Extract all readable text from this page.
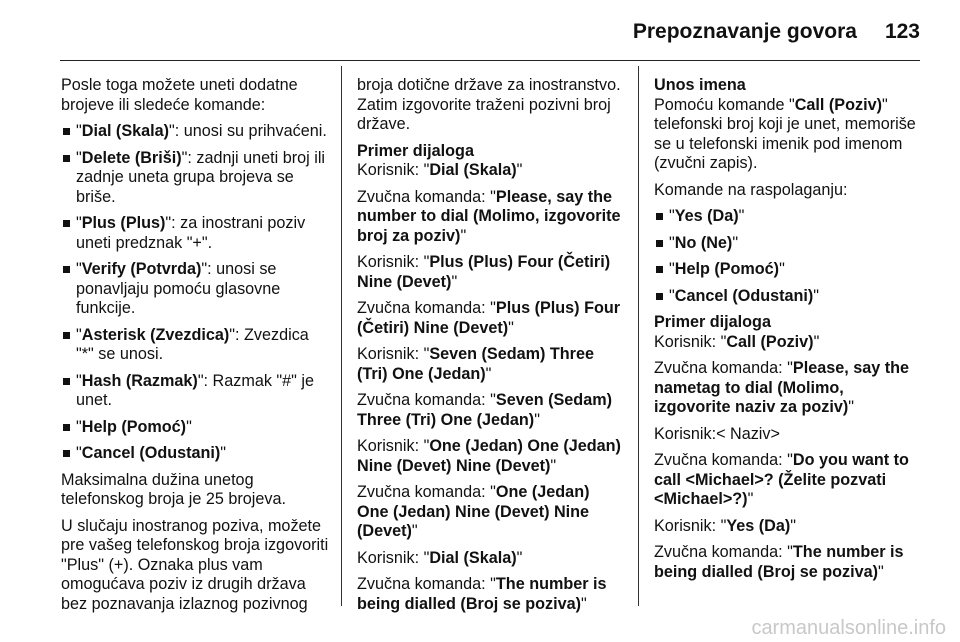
Prepoznavanje govora 123

Posle toga možete uneti dodatne brojeve ili sledeće komande:

"Dial (Skala)": unosi su prihvaćeni.
"Delete (Briši)": zadnji uneti broj ili zadnje uneta grupa brojeva se briše.
"Plus (Plus)": za inostrani poziv uneti predznak "+".
"Verify (Potvrda)": unosi se ponavljaju pomoću glasovne funkcije.
"Asterisk (Zvezdica)": Zvezdica "*" se unosi.
"Hash (Razmak)": Razmak "#" je unet.
"Help (Pomoć)"
"Cancel (Odustani)"

Maksimalna dužina unetog telefonskog broja je 25 brojeva.

U slučaju inostranog poziva, možete pre vašeg telefonskog broja izgovoriti "Plus" (+). Oznaka plus vam omogućava poziv iz drugih država bez poznavanja izlaznog pozivnog

broja dotične države za inostranstvo. Zatim izgovorite traženi pozivni broj države.

Primer dijaloga

Korisnik: "Dial (Skala)"

Zvučna komanda: "Please, say the number to dial (Molimo, izgovorite broj za poziv)"

Korisnik: "Plus (Plus) Four (Četiri) Nine (Devet)"

Zvučna komanda: "Plus (Plus) Four (Četiri) Nine (Devet)"

Korisnik: "Seven (Sedam) Three (Tri) One (Jedan)"

Zvučna komanda: "Seven (Sedam) Three (Tri) One (Jedan)"

Korisnik: "One (Jedan) One (Jedan) Nine (Devet) Nine (Devet)"

Zvučna komanda: "One (Jedan) One (Jedan) Nine (Devet) Nine (Devet)"

Korisnik: "Dial (Skala)"

Zvučna komanda: "The number is being dialled (Broj se poziva)"

Unos imena

Pomoću komande "Call (Poziv)" telefonski broj koji je unet, memoriše se u telefonski imenik pod imenom (zvučni zapis).

Komande na raspolaganju:

"Yes (Da)"
"No (Ne)"
"Help (Pomoć)"
"Cancel (Odustani)"
Primer dijaloga

Korisnik: "Call (Poziv)"

Zvučna komanda: "Please, say the nametag to dial (Molimo, izgovorite naziv za poziv)"

Korisnik:< Naziv>

Zvučna komanda: "Do you want to call <Michael>? (Želite pozvati <Michael>?)"

Korisnik: "Yes (Da)"

Zvučna komanda: "The number is being dialled (Broj se poziva)"

carmanualsonline.info
